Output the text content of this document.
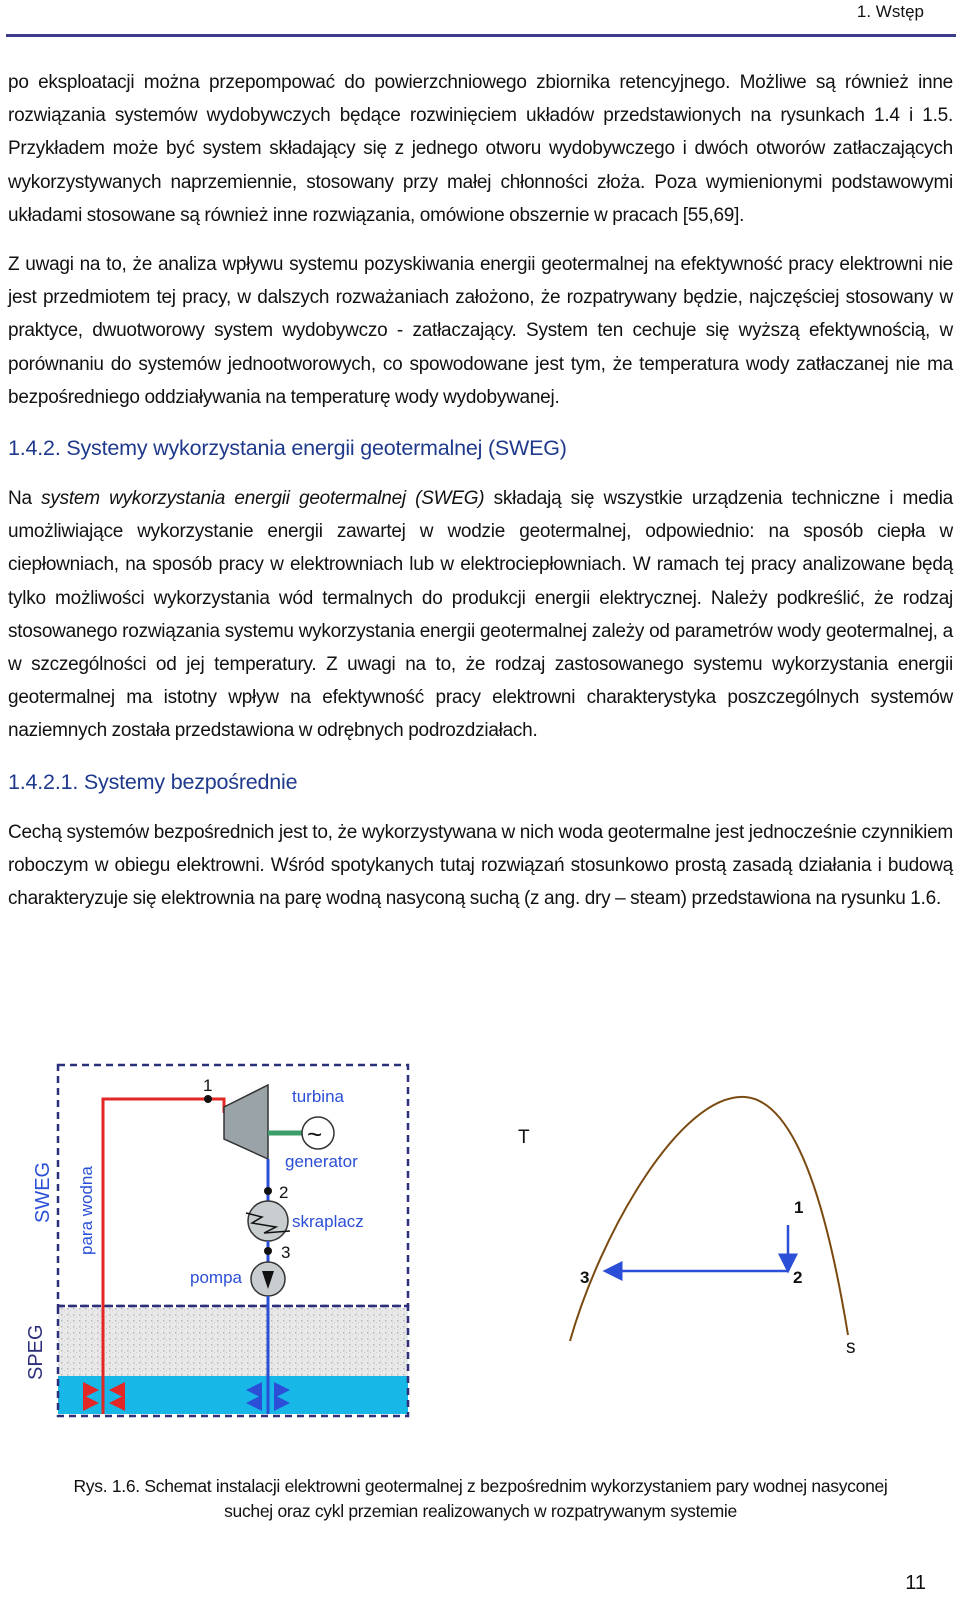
1. Wstęp

po eksploatacji można przepompować do powierzchniowego zbiornika retencyjnego. Możliwe są również inne rozwiązania systemów wydobywczych będące rozwinięciem układów przedstawionych na rysunkach 1.4 i 1.5. Przykładem może być system składający się z jednego otworu wydobywczego i dwóch otworów zatłaczających wykorzystywanych naprzemiennie, stosowany przy małej chłonności złoża. Poza wymienionymi podstawowymi układami stosowane są również inne rozwiązania, omówione obszernie w pracach [55,69].

Z uwagi na to, że analiza wpływu systemu pozyskiwania energii geotermalnej na efektywność pracy elektrowni nie jest przedmiotem tej pracy, w dalszych rozważaniach założono, że rozpatrywany będzie, najczęściej stosowany w praktyce, dwuotworowy system wydobywczo - zatłaczający. System ten cechuje się wyższą efektywnością, w porównaniu do systemów jednootworowych, co spowodowane jest tym, że temperatura wody zatłaczanej nie ma bezpośredniego oddziaływania na temperaturę wody wydobywanej.

1.4.2. Systemy wykorzystania energii geotermalnej (SWEG)

Na system wykorzystania energii geotermalnej (SWEG) składają się wszystkie urządzenia techniczne i media umożliwiające wykorzystanie energii zawartej w wodzie geotermalnej, odpowiednio: na sposób ciepła w ciepłowniach, na sposób pracy w elektrowniach lub w elektrociepłowniach. W ramach tej pracy analizowane będą tylko możliwości wykorzystania wód termalnych do produkcji energii elektrycznej. Należy podkreślić, że rodzaj stosowanego rozwiązania systemu wykorzystania energii geotermalnej zależy od parametrów wody geotermalnej, a w szczególności od jej temperatury. Z uwagi na to, że rodzaj zastosowanego systemu wykorzystania energii geotermalnej ma istotny wpływ na efektywność pracy elektrowni charakterystyka poszczególnych systemów naziemnych została przedstawiona w odrębnych podrozdziałach.

1.4.2.1. Systemy bezpośrednie

Cechą systemów bezpośrednich jest to, że wykorzystywana w nich woda geotermalne jest jednocześnie czynnikiem roboczym w obiegu elektrowni. Wśród spotykanych tutaj rozwiązań stosunkowo prostą zasadą działania i budową charakteryzuje się elektrownia na parę wodną nasyconą suchą (z ang. dry – steam) przedstawiona na rysunku 1.6.

SWEG
SPEG
para wodna
1
turbina
~
generator
2
skraplacz
3
pompa
T
s
1
2
3
Rys. 1.6. Schemat instalacji elektrowni geotermalnej z bezpośrednim wykorzystaniem pary wodnej nasyconej
suchej oraz cykl przemian realizowanych w rozpatrywanym systemie
11
